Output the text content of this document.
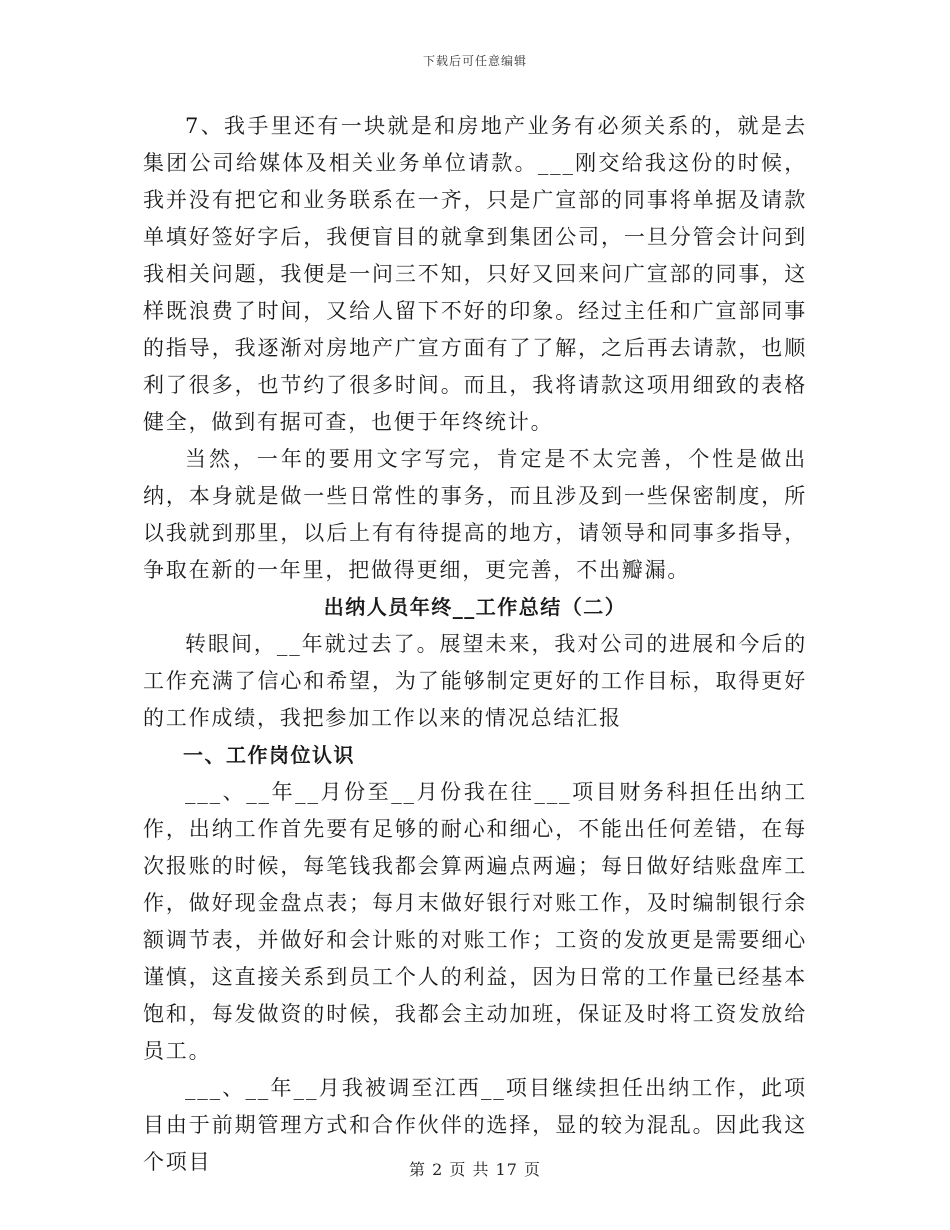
下载后可任意编辑

7、我手里还有一块就是和房地产业务有必须关系的，就是去集团公司给媒体及相关业务单位请款。___刚交给我这份的时候，我并没有把它和业务联系在一齐，只是广宣部的同事将单据及请款单填好签好字后，我便盲目的就拿到集团公司，一旦分管会计问到我相关问题，我便是一问三不知，只好又回来问广宣部的同事，这样既浪费了时间，又给人留下不好的印象。经过主任和广宣部同事的指导，我逐渐对房地产广宣方面有了了解，之后再去请款，也顺利了很多，也节约了很多时间。而且，我将请款这项用细致的表格健全，做到有据可查，也便于年终统计。

当然，一年的要用文字写完，肯定是不太完善，个性是做出纳，本身就是做一些日常性的事务，而且涉及到一些保密制度，所以我就到那里，以后上有有待提高的地方，请领导和同事多指导，争取在新的一年里，把做得更细，更完善，不出瓣漏。

出纳人员年终__工作总结（二）

转眼间，__年就过去了。展望未来，我对公司的进展和今后的工作充满了信心和希望，为了能够制定更好的工作目标，取得更好的工作成绩，我把参加工作以来的情况总结汇报

一、工作岗位认识

___、__年__月份至__月份我在往___项目财务科担任出纳工作，出纳工作首先要有足够的耐心和细心，不能出任何差错，在每次报账的时候，每笔钱我都会算两遍点两遍；每日做好结账盘库工作，做好现金盘点表；每月末做好银行对账工作，及时编制银行余额调节表，并做好和会计账的对账工作；工资的发放更是需要细心谨慎，这直接关系到员工个人的利益，因为日常的工作量已经基本饱和，每发做资的时候，我都会主动加班，保证及时将工资发放给员工。

___、__年__月我被调至江西__项目继续担任出纳工作，此项目由于前期管理方式和合作伙伴的选择，显的较为混乱。因此我这个项目	第 2 页 共 17 页
